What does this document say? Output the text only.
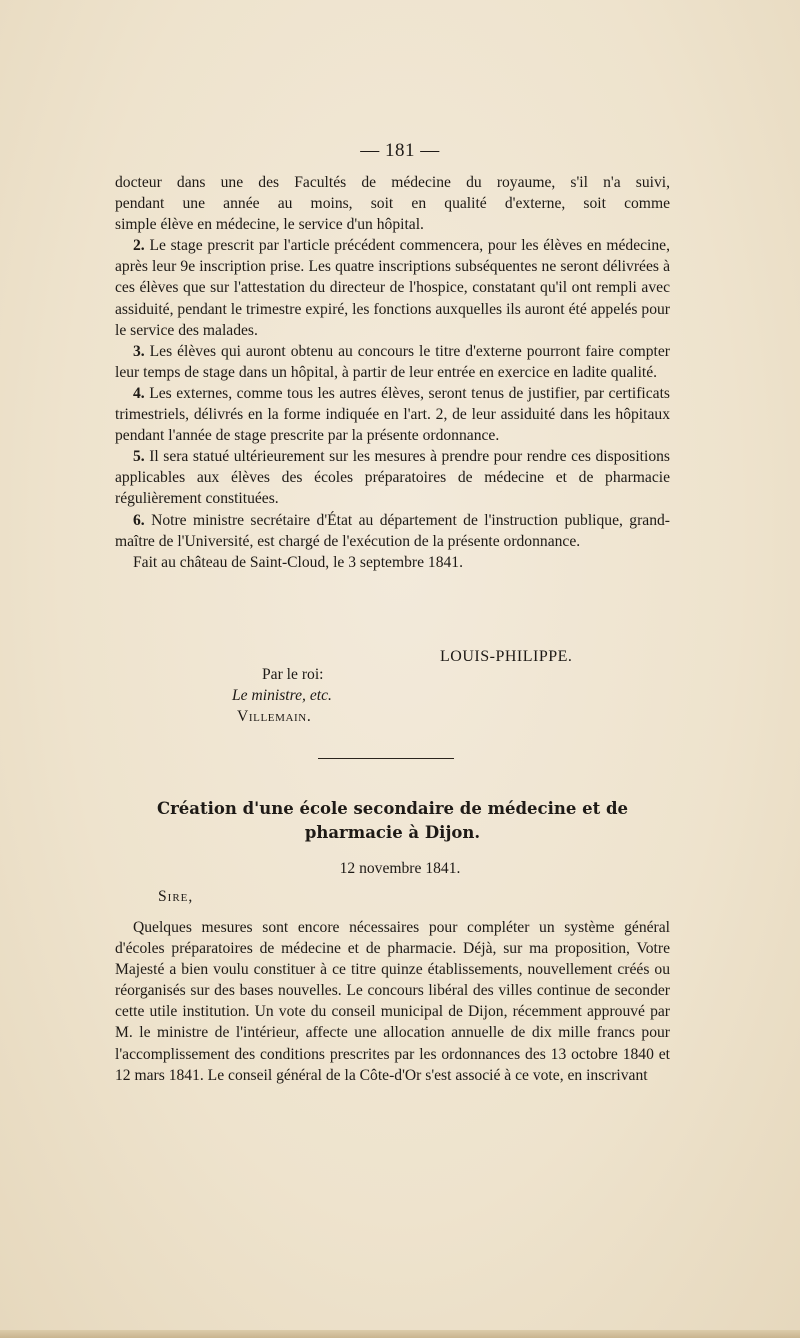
— 181 —

docteur dans une des Facultés de médecine du royaume, s'il n'a suivi,

pendant une année au moins, soit en qualité d'externe, soit comme

simple élève en médecine, le service d'un hôpital.

2. Le stage prescrit par l'article précédent commencera, pour les élèves en médecine, après leur 9e inscription prise. Les quatre inscriptions subséquentes ne seront délivrées à ces élèves que sur l'attestation du directeur de l'hospice, constatant qu'il ont rempli avec assiduité, pendant le trimestre expiré, les fonctions auxquelles ils auront été appelés pour le service des malades.

3. Les élèves qui auront obtenu au concours le titre d'externe pourront faire compter leur temps de stage dans un hôpital, à partir de leur entrée en exercice en ladite qualité.

4. Les externes, comme tous les autres élèves, seront tenus de justifier, par certificats trimestriels, délivrés en la forme indiquée en l'art. 2, de leur assiduité dans les hôpitaux pendant l'année de stage prescrite par la présente ordonnance.

5. Il sera statué ultérieurement sur les mesures à prendre pour rendre ces dispositions applicables aux élèves des écoles préparatoires de médecine et de pharmacie régulièrement constituées.

6. Notre ministre secrétaire d'État au département de l'instruction publique, grand-maître de l'Université, est chargé de l'exécution de la présente ordonnance.

Fait au château de Saint-Cloud, le 3 septembre 1841.

LOUIS-PHILIPPE.
Par le roi:
Le ministre, etc.
Villemain.
Création d'une école secondaire de médecine et de
pharmacie à Dijon.
12 novembre 1841.
Sire,

Quelques mesures sont encore nécessaires pour compléter un système général d'écoles préparatoires de médecine et de pharmacie. Déjà, sur ma proposition, Votre Majesté a bien voulu constituer à ce titre quinze établissements, nouvellement créés ou réorganisés sur des bases nouvelles. Le concours libéral des villes continue de seconder cette utile institution. Un vote du conseil municipal de Dijon, récemment approuvé par M. le ministre de l'intérieur, affecte une allocation annuelle de dix mille francs pour l'accomplissement des conditions prescrites par les ordonnances des 13 octobre 1840 et 12 mars 1841. Le conseil général de la Côte-d'Or s'est associé à ce vote, en inscrivant
